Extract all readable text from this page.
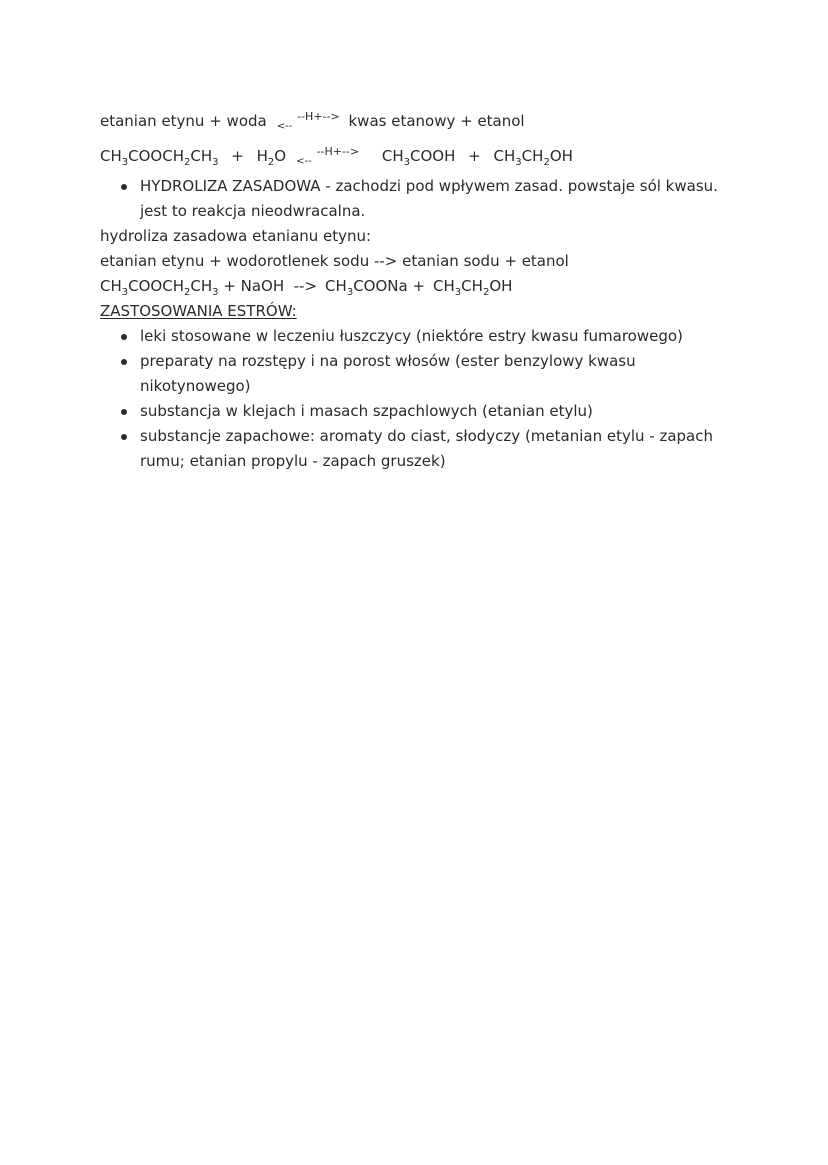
etanian etynu + woda $_{<--}$ $^{--H+-->}$ kwas etanowy + etanol
$CH_3COOCH_2CH_3 + H_2O$ $_{<--}$ $^{--H+-->}$ $CH_3COOH + CH_3CH_2OH$
HYDROLIZA ZASADOWA - zachodzi pod wpływem zasad. powstaje sól kwasu.
jest to reakcja nieodwracalna.
hydroliza zasadowa etanianu etynu:
etanian etynu + wodorotlenek sodu --> etanian sodu + etanol
$CH_3COOCH_2CH_3$ + NaOH  --> $CH_3COONa + CH_3CH_2OH$
ZASTOSOWANIA ESTRÓW:
leki stosowane w leczeniu łuszczycy (niektóre estry kwasu fumarowego)
preparaty na rozstępy i na porost włosów (ester benzylowy kwasu
nikotynowego)
substancja w klejach i masach szpachlowych (etanian etylu)
substancje zapachowe: aromaty do ciast, słodyczy (metanian etylu - zapach
rumu; etanian propylu - zapach gruszek)
